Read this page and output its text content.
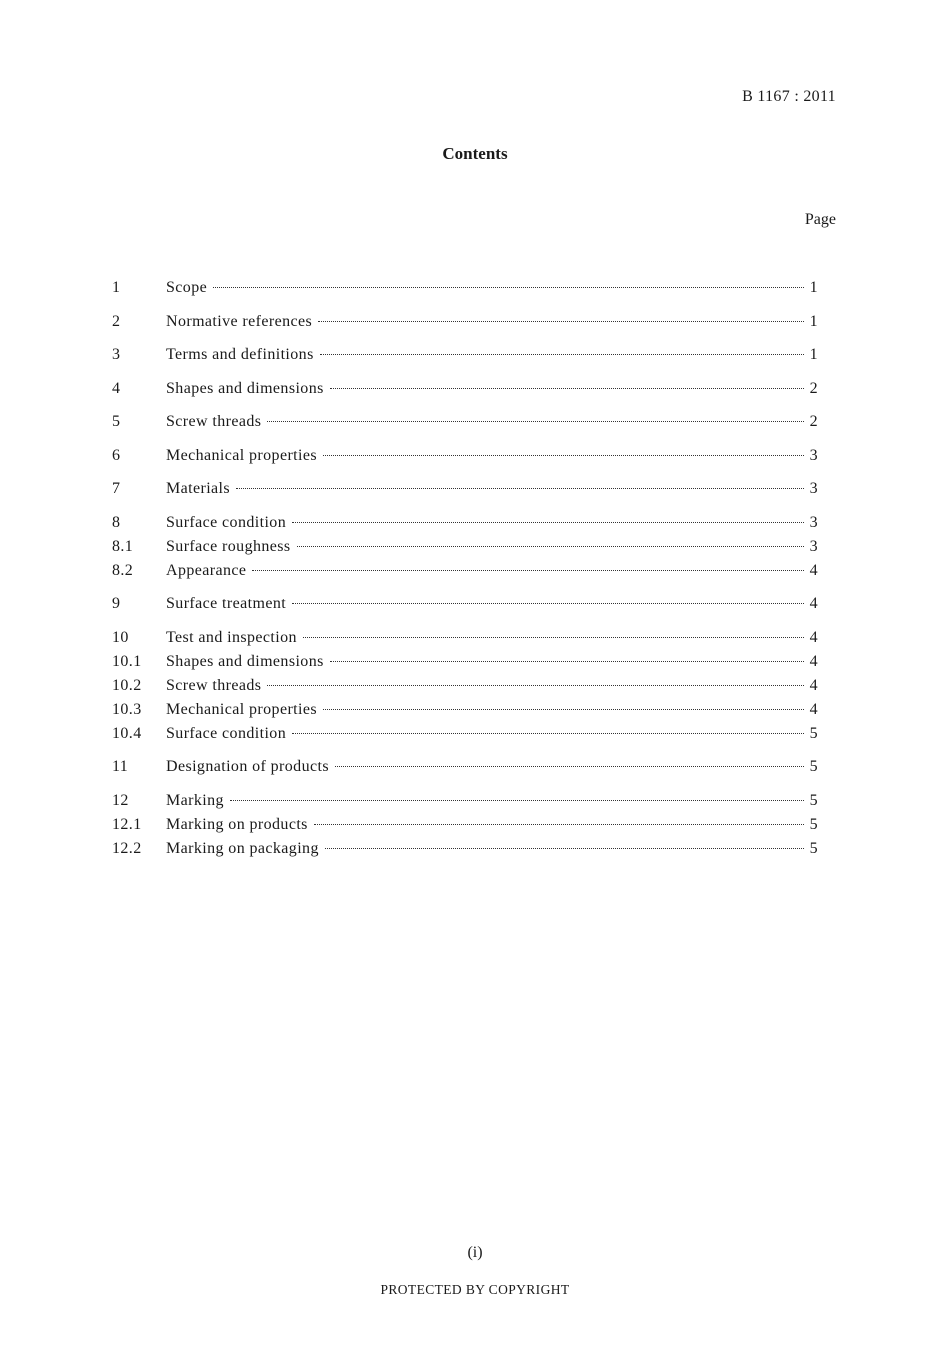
B 1167 : 2011
Contents
Page
1	Scope	1
2	Normative references	1
3	Terms and definitions	1
4	Shapes and dimensions	2
5	Screw threads	2
6	Mechanical properties	3
7	Materials	3
8	Surface condition	3
8.1	Surface roughness	3
8.2	Appearance	4
9	Surface treatment	4
10	Test and inspection	4
10.1	Shapes and dimensions	4
10.2	Screw threads	4
10.3	Mechanical properties	4
10.4	Surface condition	5
11	Designation of products	5
12	Marking	5
12.1	Marking on products	5
12.2	Marking on packaging	5
(i)
PROTECTED BY COPYRIGHT
